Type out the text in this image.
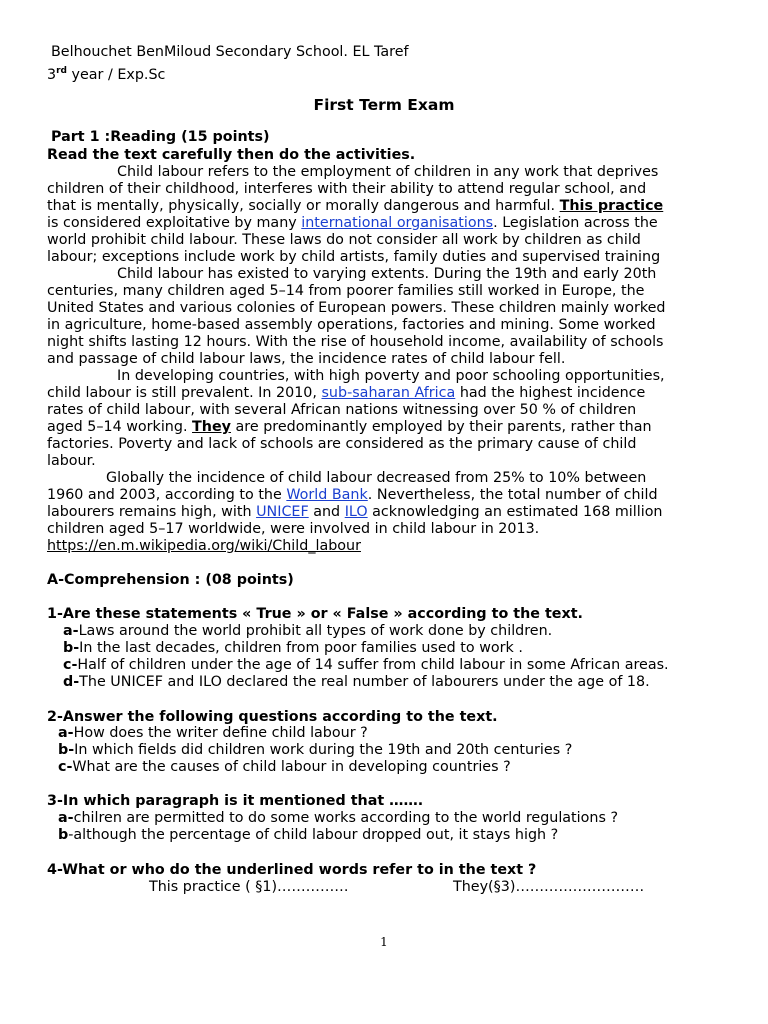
Belhouchet BenMiloud Secondary School. EL Taref
3rd year / Exp.Sc
First Term Exam
Part 1 :Reading (15 points)
Read the text carefully then do the activities.
Child labour refers to the employment of children in any work that deprives
children of their childhood, interferes with their ability to attend regular school, and
that is mentally, physically, socially or morally dangerous and harmful. This practice
is considered exploitative by many international organisations. Legislation across the
world prohibit child labour. These laws do not consider all work by children as child
labour; exceptions include work by child artists, family duties and supervised training
Child labour has existed to varying extents. During the 19th and early 20th
centuries, many children aged 5–14 from poorer families still worked in Europe, the
United States and various colonies of European powers. These children mainly worked
in agriculture, home-based assembly operations, factories and mining. Some worked
night shifts lasting 12 hours. With the rise of household income, availability of schools
and passage of child labour laws, the incidence rates of child labour fell.
In developing countries, with high poverty and poor schooling opportunities,
child labour is still prevalent. In 2010, sub-saharan Africa had the highest incidence
rates of child labour, with several African nations witnessing over 50 % of children
aged 5–14 working. They are predominantly employed by their parents, rather than
factories. Poverty and lack of schools are considered as the primary cause of child
labour.
Globally the incidence of child labour decreased from 25% to 10% between
1960 and 2003, according to the World Bank. Nevertheless, the total number of child
labourers remains high, with UNICEF and ILO acknowledging an estimated 168 million
children aged 5–17 worldwide, were involved in child labour in 2013.
https://en.m.wikipedia.org/wiki/Child_labour
A-Comprehension : (08 points)
1-Are these statements « True » or « False » according to the text.
a-Laws around the world prohibit all types of work done by children.
b-In the last decades, children from poor families used to work .
c-Half of children under the age of 14 suffer from child labour in some African areas.
d-The UNICEF and ILO declared the real number of labourers under the age of 18.
2-Answer the following questions according to the text.
a-How does the writer define child labour ?
b-In which fields did children work during the 19th and 20th centuries ?
c-What are the causes of child labour in developing countries ?
3-In which paragraph is it mentioned that …….
a-chilren are permitted to do some works according to the world regulations ?
b-although the percentage of child labour dropped out, it stays high ?
4-What or who do the underlined words refer to in the text ?
This practice ( §1)……………	They(§3)………………………
1
